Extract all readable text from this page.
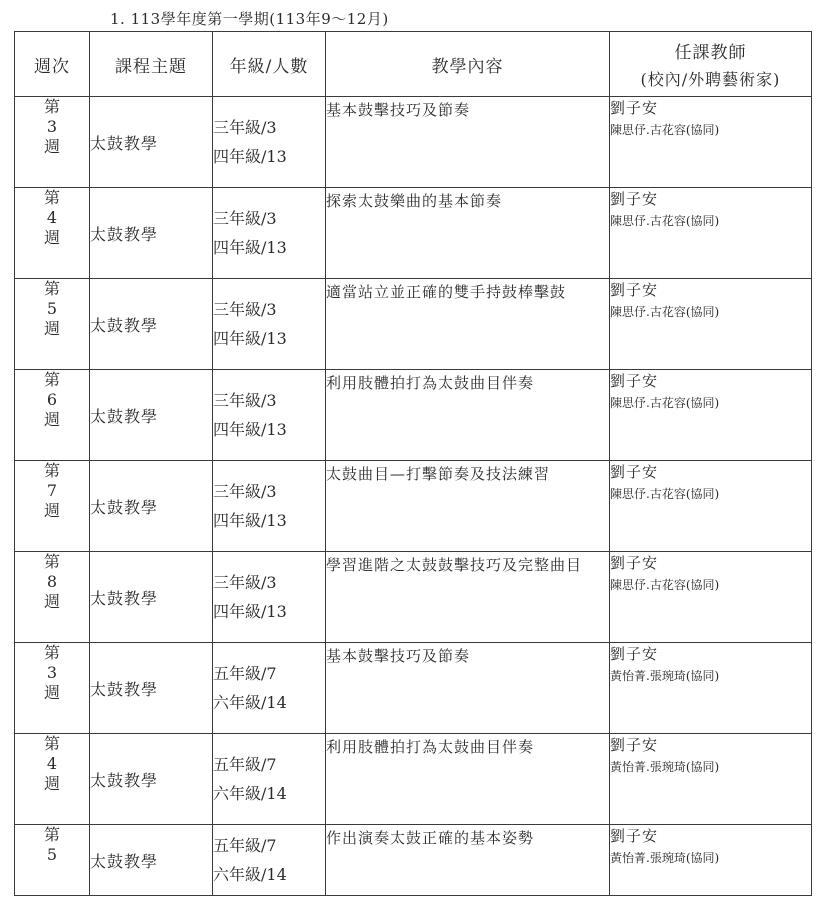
1. 113學年度第一學期(113年9～12月)
週次	課程主題	年級/人數	教學內容	任課教師
(校內/外聘藝術家)

第
3
週	太鼓教學	三年級/3
四年級/13	基本鼓擊技巧及節奏	劉子安
陳思伃.古花容(協同)

第
4
週	太鼓教學	三年級/3
四年級/13	探索太鼓樂曲的基本節奏	劉子安
陳思伃.古花容(協同)

第
5
週	太鼓教學	三年級/3
四年級/13	適當站立並正確的雙手持鼓棒擊鼓	劉子安
陳思伃.古花容(協同)

第
6
週	太鼓教學	三年級/3
四年級/13	利用肢體拍打為太鼓曲目伴奏	劉子安
陳思伃.古花容(協同)

第
7
週	太鼓教學	三年級/3
四年級/13	太鼓曲目—打擊節奏及技法練習	劉子安
陳思伃.古花容(協同)

第
8
週	太鼓教學	三年級/3
四年級/13	學習進階之太鼓鼓擊技巧及完整曲目	劉子安
陳思伃.古花容(協同)

第
3
週	太鼓教學	五年級/7
六年級/14	基本鼓擊技巧及節奏	劉子安
黃怡菁.張琬琦(協同)

第
4
週	太鼓教學	五年級/7
六年級/14	利用肢體拍打為太鼓曲目伴奏	劉子安
黃怡菁.張琬琦(協同)

第
5	太鼓教學	五年級/7
六年級/14	作出演奏太鼓正確的基本姿勢	劉子安
黃怡菁.張琬琦(協同)
